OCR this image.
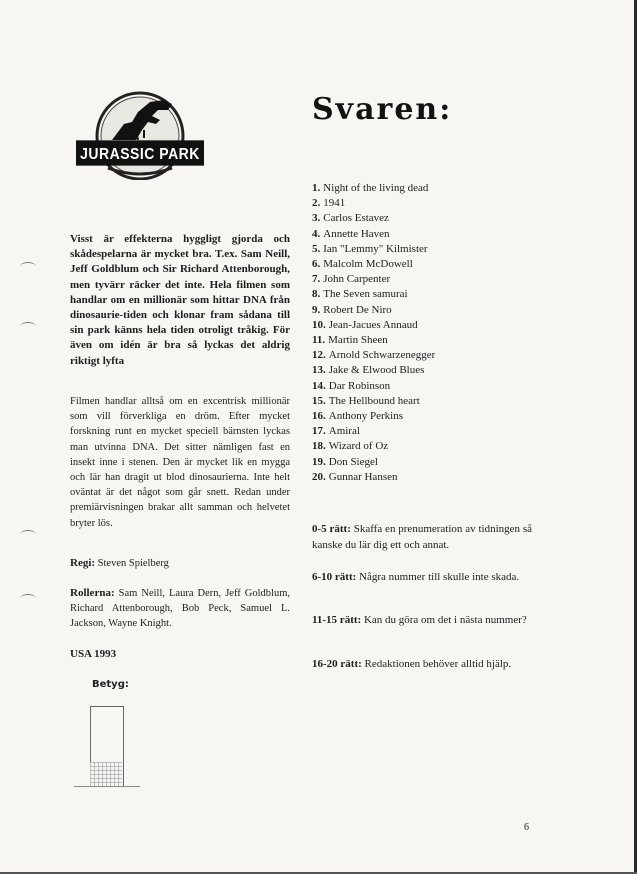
JURASSIC PARK
Svaren:
1. Night of the living dead
2. 1941
3. Carlos Estavez
4. Annette Haven
5. Ian "Lemmy" Kilmister
6. Malcolm McDowell
7. John Carpenter
8. The Seven samurai
9. Robert De Niro
10. Jean-Jacues Annaud
11. Martin Sheen
12. Arnold Schwarzenegger
13. Jake & Elwood Blues
14. Dar Robinson
15. The Hellbound heart
16. Anthony Perkins
17. Amiral
18. Wizard of Oz
19. Don Siegel
20. Gunnar Hansen

0-5 rätt: Skaffa en prenumeration av tidningen så kanske du lär dig ett och annat.

6-10 rätt: Några nummer till skulle inte skada.

11-15 rätt: Kan du göra om det i nästa nummer?

16-20 rätt: Redaktionen behöver alltid hjälp.

Visst är effekterna hyggligt gjorda och skådespelarna är mycket bra. T.ex. Sam Neill, Jeff Goldblum och Sir Richard Attenborough, men tyvärr räcker det inte. Hela filmen som handlar om en millionär som hittar DNA från dinosaurie-tiden och klonar fram sådana till sin park känns hela tiden otroligt tråkig. För även om idén är bra så lyckas det aldrig riktigt lyfta

Filmen handlar alltså om en excentrisk millionär som vill förverkliga en dröm. Efter mycket forskning runt en mycket speciell bärnsten lyckas man utvinna DNA. Det sitter nämligen fast en insekt inne i stenen. Den är mycket lik en mygga och lär han dragit ut blod dinosaurierna. Inte helt oväntat är det något som går snett. Redan under premiärvisningen brakar allt samman och helvetet bryter lös.

Regi: Steven Spielberg
Rollerna: Sam Neill, Laura Dern, Jeff Goldblum, Richard Attenborough, Bob Peck, Samuel L. Jackson, Wayne Knight.
USA 1993
Betyg:
6
